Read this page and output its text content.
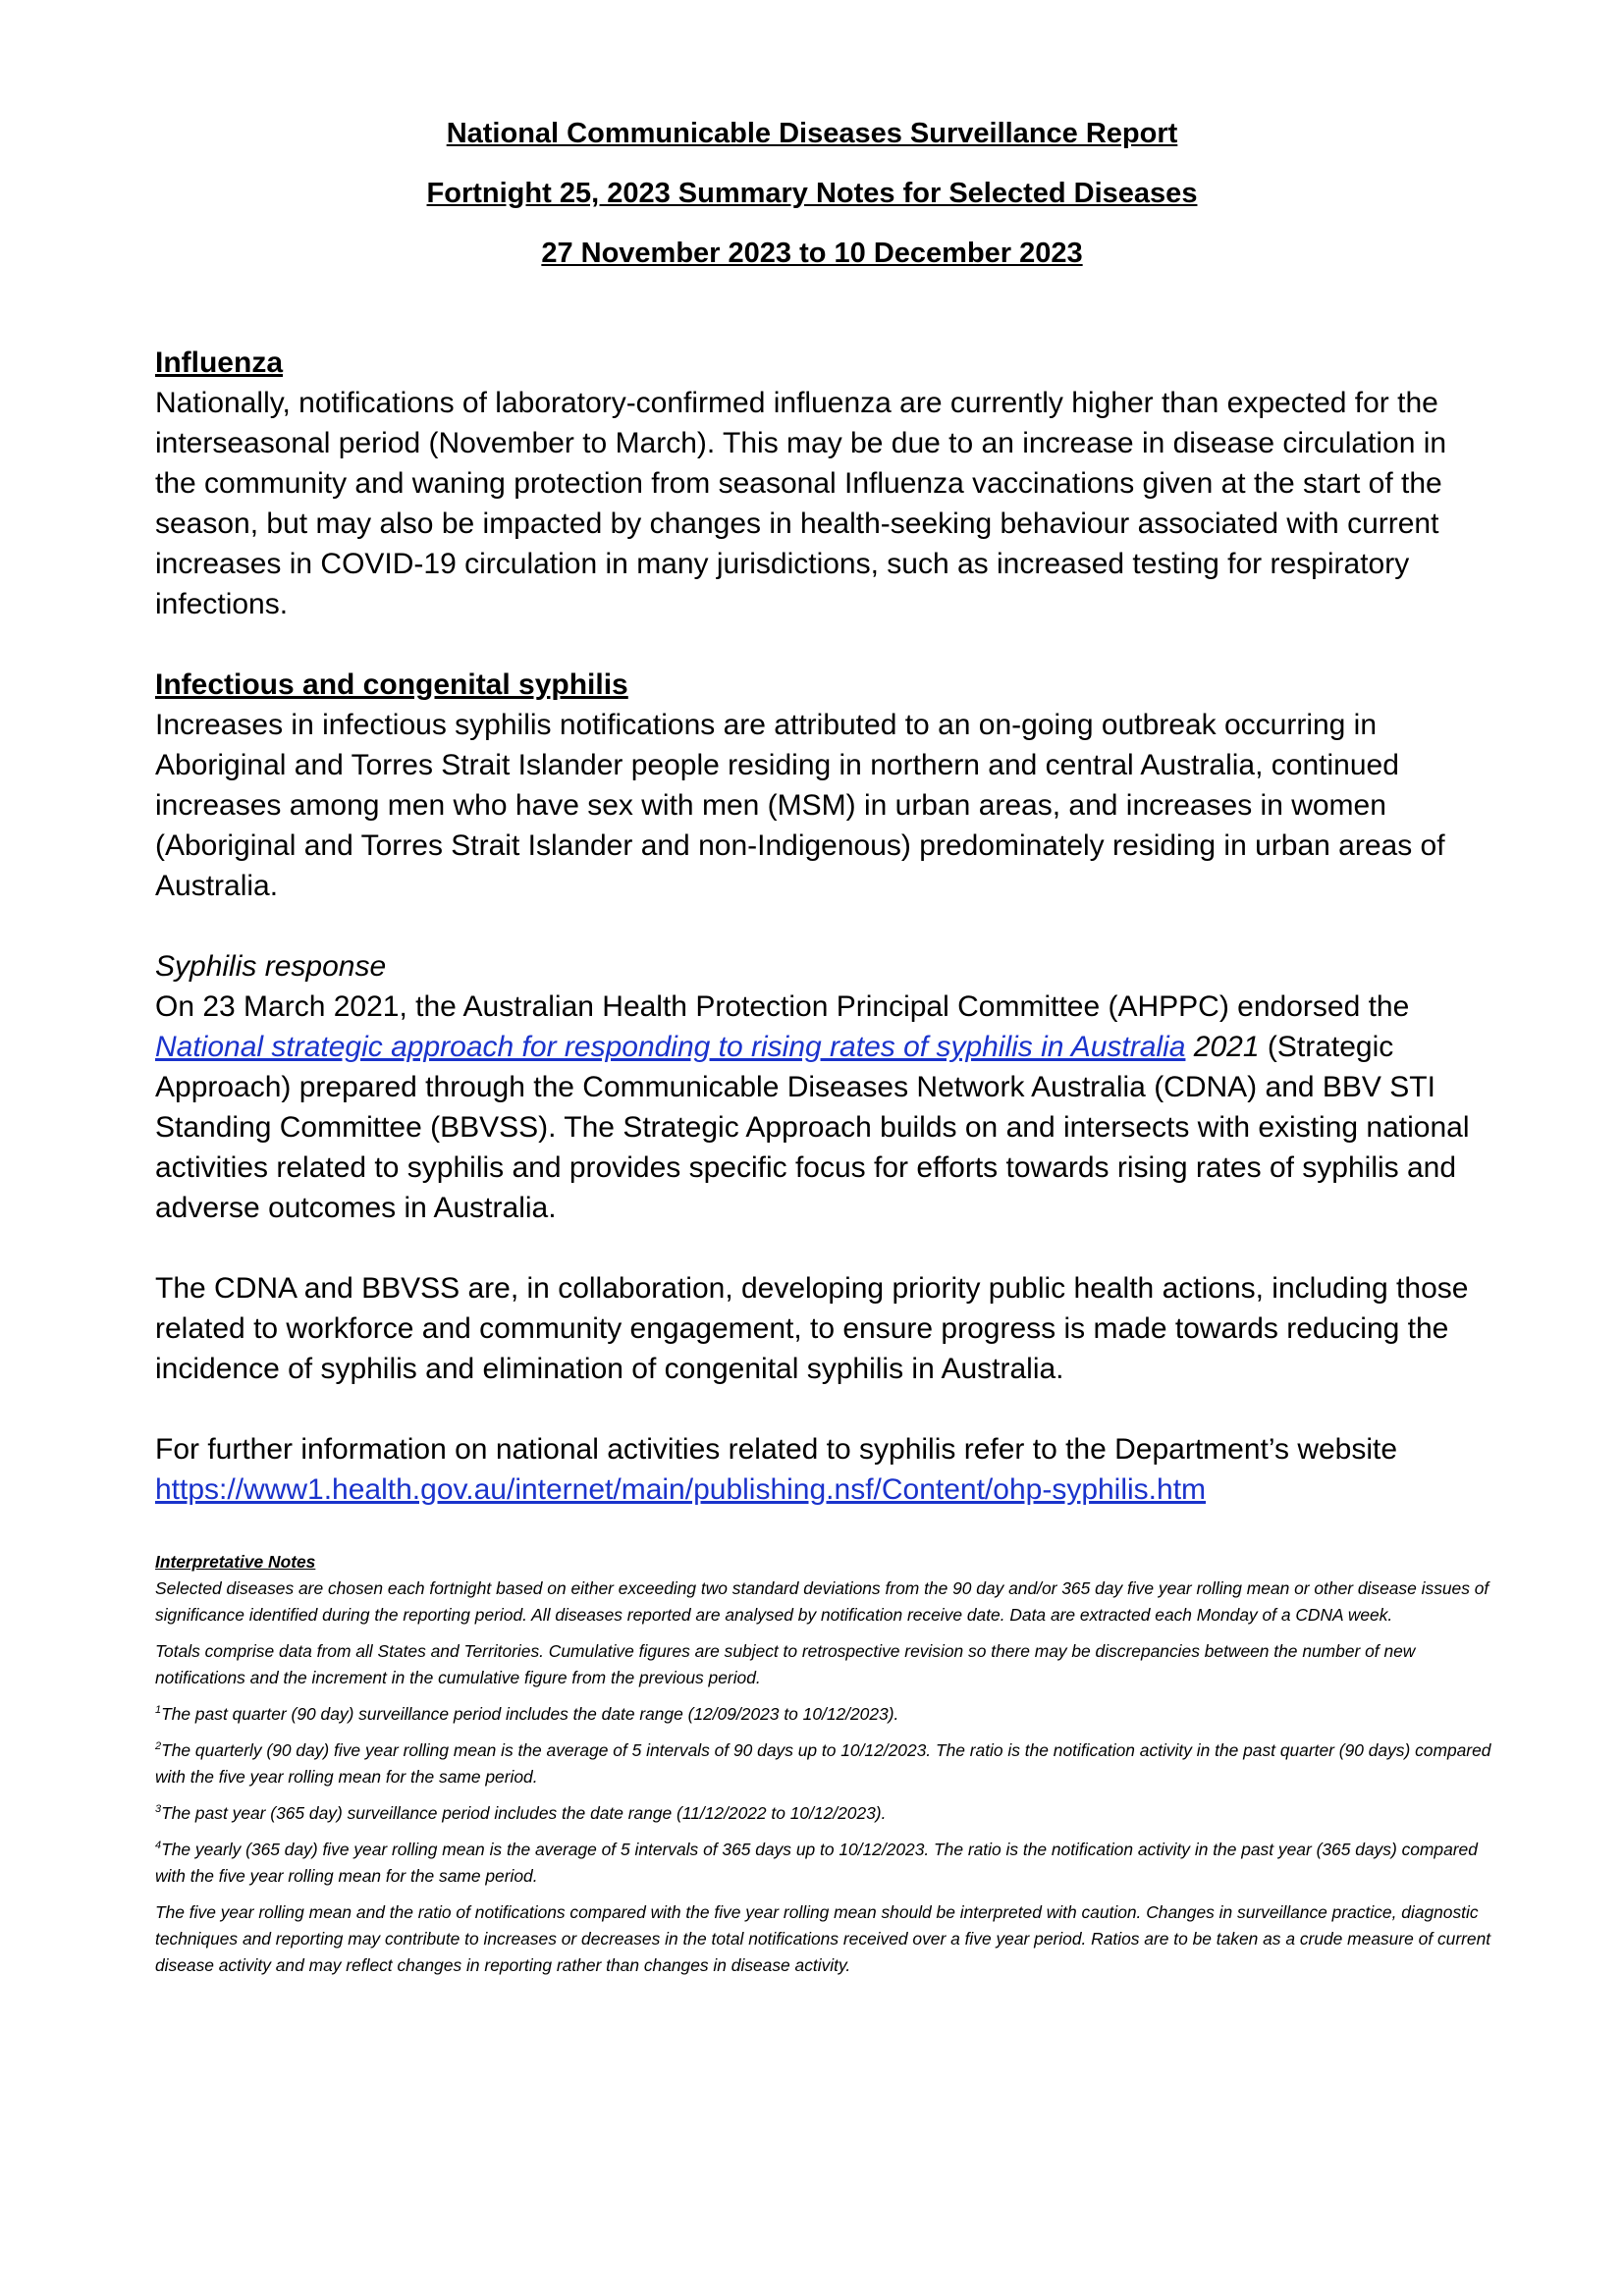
National Communicable Diseases Surveillance Report
Fortnight 25, 2023 Summary Notes for Selected Diseases
27 November 2023 to 10 December 2023
Influenza

Nationally, notifications of laboratory-confirmed influenza are currently higher than expected for the interseasonal period (November to March). This may be due to an increase in disease circulation in the community and waning protection from seasonal Influenza vaccinations given at the start of the season, but may also be impacted by changes in health-seeking behaviour associated with current increases in COVID-19 circulation in many jurisdictions, such as increased testing for respiratory infections.

Infectious and congenital syphilis

Increases in infectious syphilis notifications are attributed to an on-going outbreak occurring in Aboriginal and Torres Strait Islander people residing in northern and central Australia, continued increases among men who have sex with men (MSM) in urban areas, and increases in women (Aboriginal and Torres Strait Islander and non-Indigenous) predominately residing in urban areas of Australia.

Syphilis response

On 23 March 2021, the Australian Health Protection Principal Committee (AHPPC) endorsed the
National strategic approach for responding to rising rates of syphilis in Australia 2021 (Strategic Approach) prepared through the Communicable Diseases Network Australia (CDNA) and BBV STI Standing Committee (BBVSS). The Strategic Approach builds on and intersects with existing national activities related to syphilis and provides specific focus for efforts towards rising rates of syphilis and adverse outcomes in Australia.

The CDNA and BBVSS are, in collaboration, developing priority public health actions, including those related to workforce and community engagement, to ensure progress is made towards reducing the incidence of syphilis and elimination of congenital syphilis in Australia.

For further information on national activities related to syphilis refer to the Department’s website
https://www1.health.gov.au/internet/main/publishing.nsf/Content/ohp-syphilis.htm

Interpretative Notes

Selected diseases are chosen each fortnight based on either exceeding two standard deviations from the 90 day and/or 365 day five year rolling mean or other disease issues of significance identified during the reporting period. All diseases reported are analysed by notification receive date. Data are extracted each Monday of a CDNA week.

Totals comprise data from all States and Territories. Cumulative figures are subject to retrospective revision so there may be discrepancies between the number of new notifications and the increment in the cumulative figure from the previous period.

$^1$The past quarter (90 day) surveillance period includes the date range (12/09/2023 to 10/12/2023).

$^2$The quarterly (90 day) five year rolling mean is the average of 5 intervals of 90 days up to 10/12/2023. The ratio is the notification activity in the past quarter (90 days) compared with the five year rolling mean for the same period.

$^3$The past year (365 day) surveillance period includes the date range (11/12/2022 to 10/12/2023).

$^4$The yearly (365 day) five year rolling mean is the average of 5 intervals of 365 days up to 10/12/2023. The ratio is the notification activity in the past year (365 days) compared with the five year rolling mean for the same period.

The five year rolling mean and the ratio of notifications compared with the five year rolling mean should be interpreted with caution. Changes in surveillance practice, diagnostic techniques and reporting may contribute to increases or decreases in the total notifications received over a five year period. Ratios are to be taken as a crude measure of current disease activity and may reflect changes in reporting rather than changes in disease activity.
